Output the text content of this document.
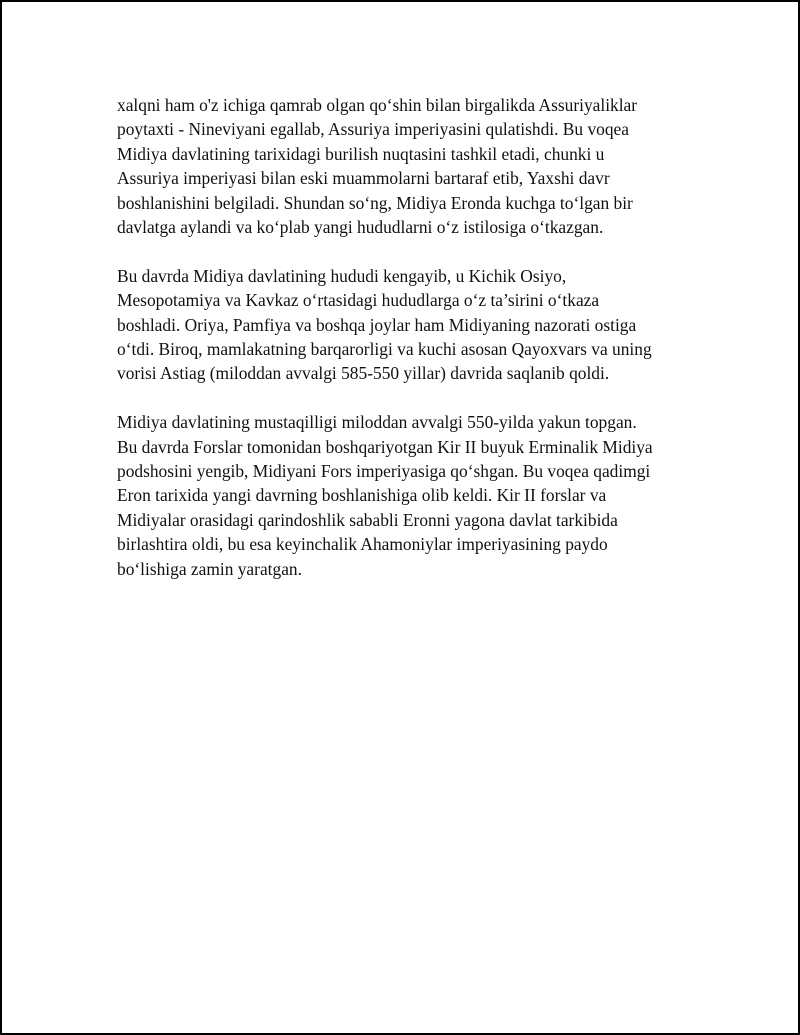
xalqni ham o'z ichiga qamrab olgan qo‘shin bilan birgalikda Assuriyaliklar
poytaxti - Nineviyani egallab, Assuriya imperiyasini qulatishdi. Bu voqea
Midiya davlatining tarixidagi burilish nuqtasini tashkil etadi, chunki u
Assuriya imperiyasi bilan eski muammolarni bartaraf etib, Yaxshi davr
boshlanishini belgiladi. Shundan so‘ng, Midiya Eronda kuchga to‘lgan bir
davlatga aylandi va ko‘plab yangi hududlarni o‘z istilosiga o‘tkazgan.

Bu davrda Midiya davlatining hududi kengayib, u Kichik Osiyo,
Mesopotamiya va Kavkaz o‘rtasidagi hududlarga o‘z ta’sirini o‘tkaza
boshladi. Oriya, Pamfiya va boshqa joylar ham Midiyaning nazorati ostiga
o‘tdi. Biroq, mamlakatning barqarorligi va kuchi asosan Qayoxvars va uning
vorisi Astiag (miloddan avvalgi 585-550 yillar) davrida saqlanib qoldi.

Midiya davlatining mustaqilligi miloddan avvalgi 550-yilda yakun topgan.
Bu davrda Forslar tomonidan boshqariyotgan Kir II buyuk Erminalik Midiya
podshosini yengib, Midiyani Fors imperiyasiga qo‘shgan. Bu voqea qadimgi
Eron tarixida yangi davrning boshlanishiga olib keldi. Kir II forslar va
Midiyalar orasidagi qarindoshlik sababli Eronni yagona davlat tarkibida
birlashtira oldi, bu esa keyinchalik Ahamoniylar imperiyasining paydo
bo‘lishiga zamin yaratgan.
